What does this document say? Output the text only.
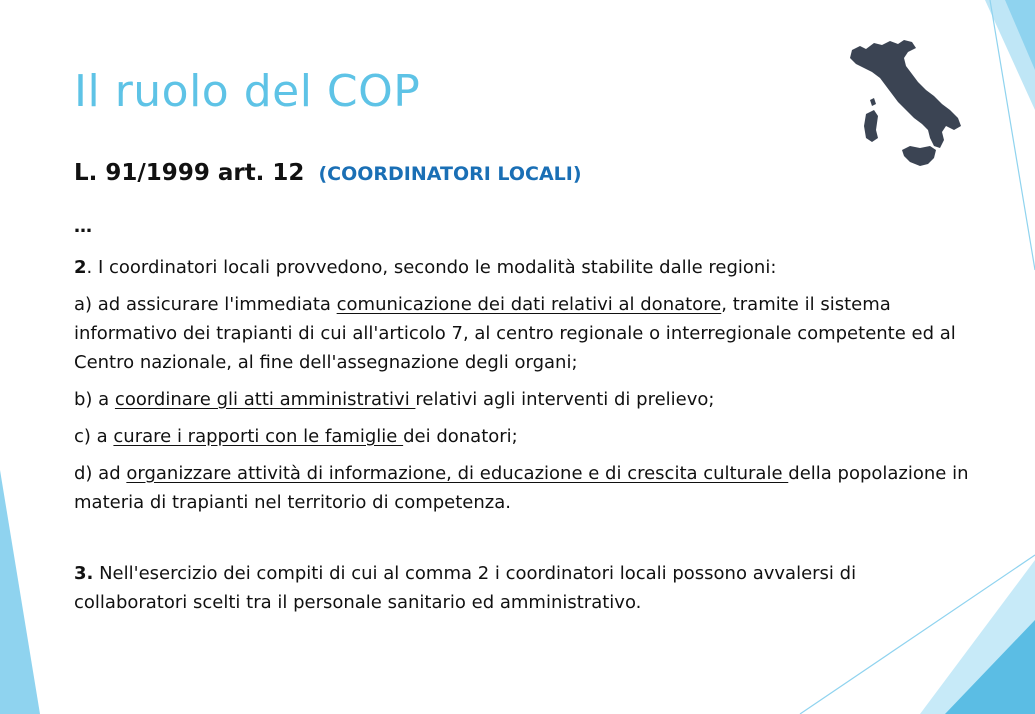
Il ruolo del COP
L. 91/1999 art. 12 (COORDINATORI LOCALI)

…

2. I coordinatori locali provvedono, secondo le modalità stabilite dalle regioni:

a) ad assicurare l'immediata comunicazione dei dati relativi al donatore, tramite il sistema informativo dei trapianti di cui all'articolo 7, al centro regionale o interregionale competente ed al Centro nazionale, al fine dell'assegnazione degli organi;

b) a coordinare gli atti amministrativi relativi agli interventi di prelievo;

c) a curare i rapporti con le famiglie dei donatori;

d) ad organizzare attività di informazione, di educazione e di crescita culturale della popolazione in materia di trapianti nel territorio di competenza.

3. Nell'esercizio dei compiti di cui al comma 2 i coordinatori locali possono avvalersi di collaboratori scelti tra il personale sanitario ed amministrativo.
